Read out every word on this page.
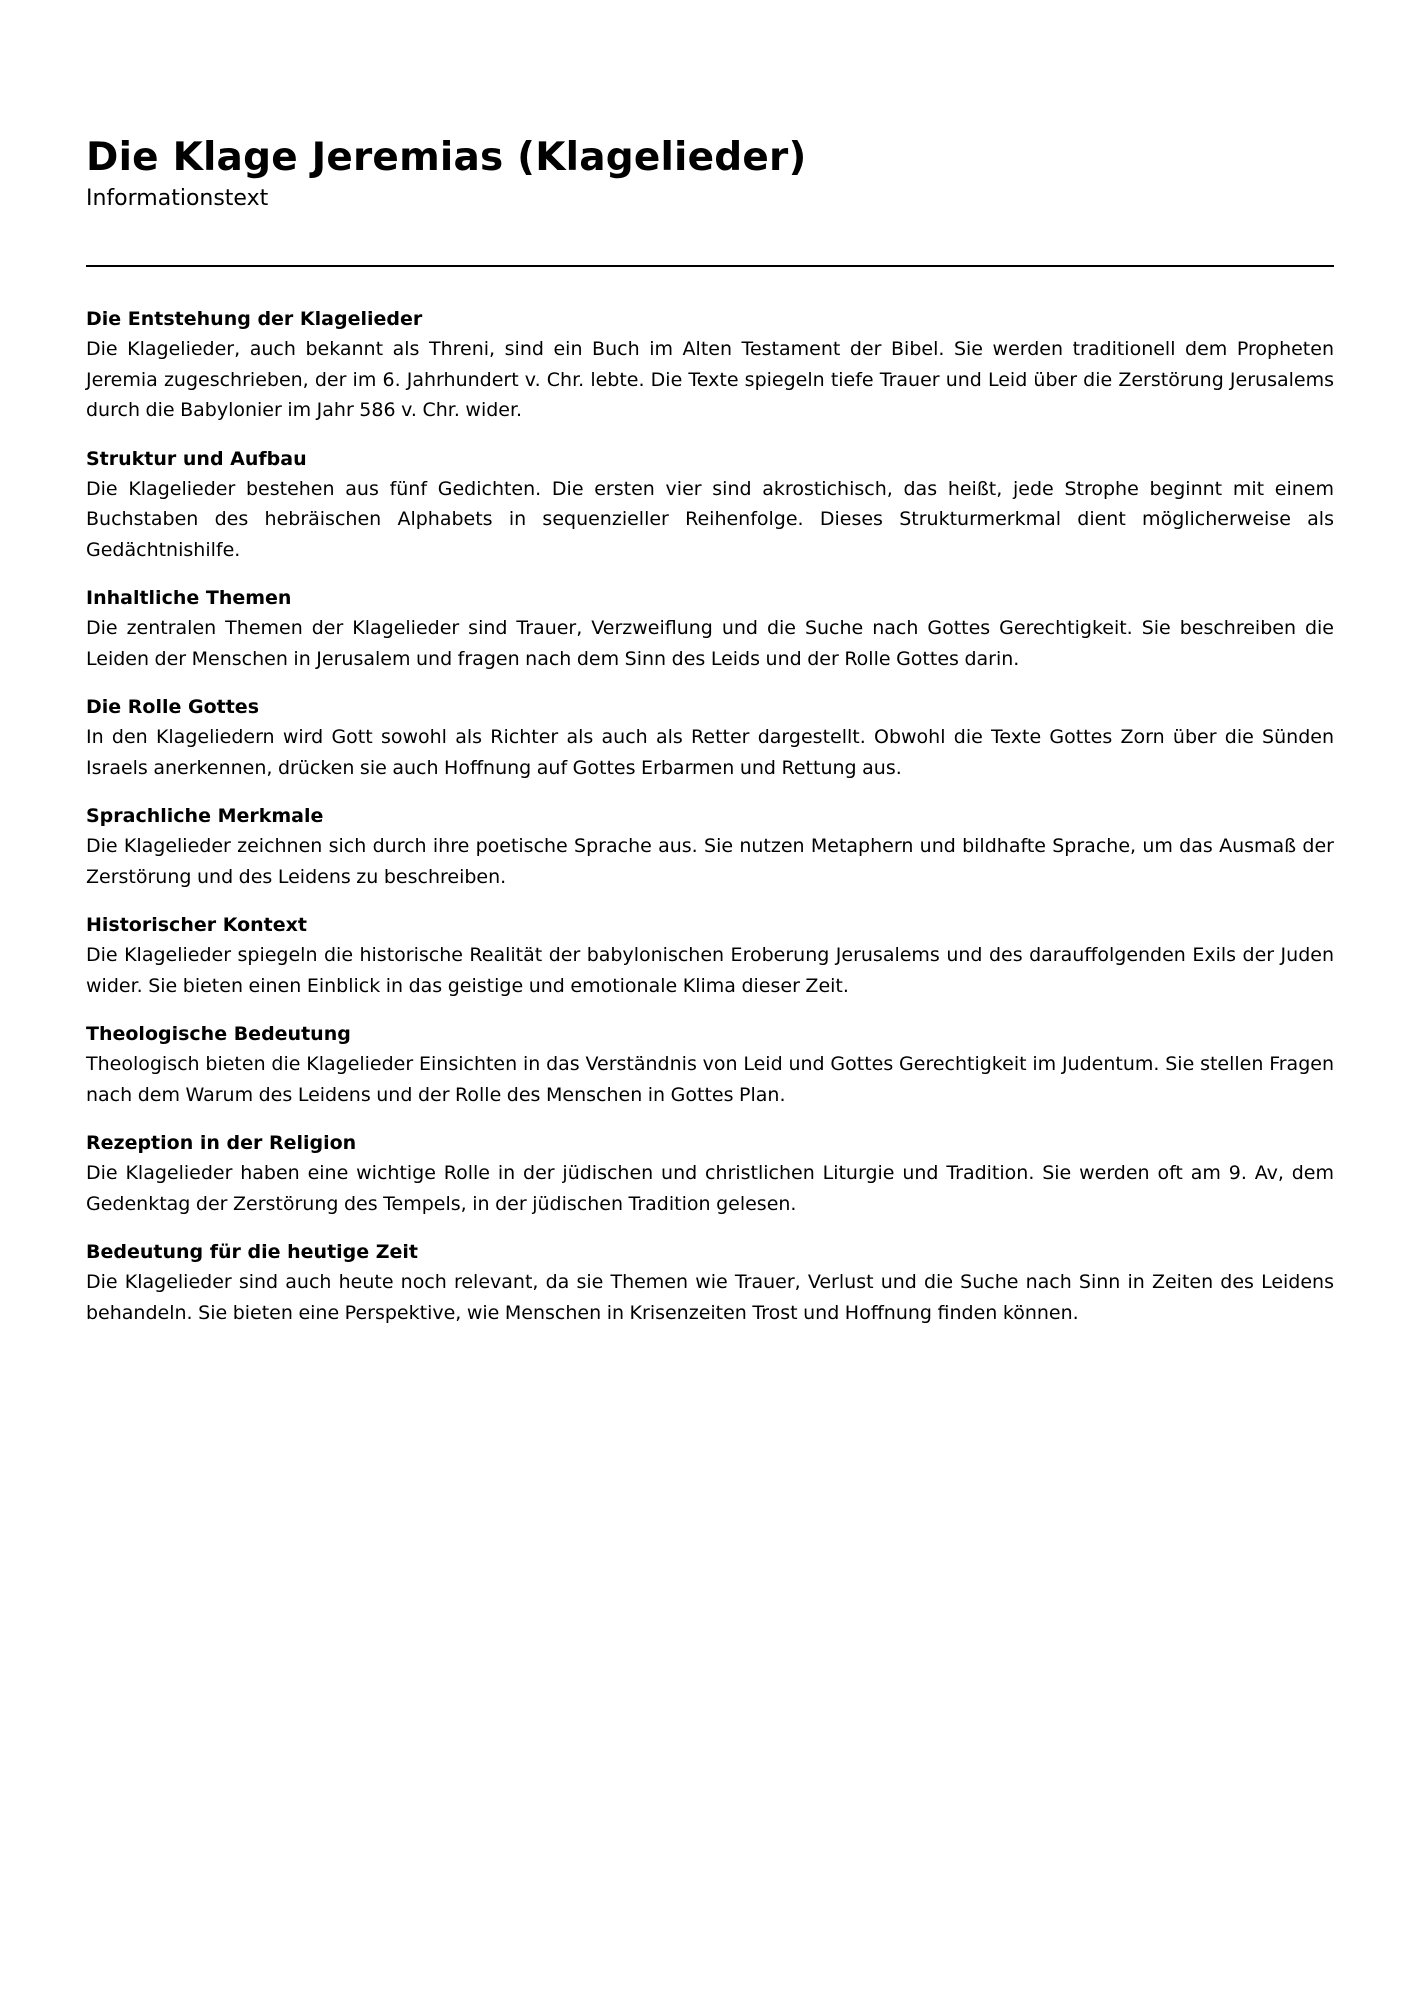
Die Klage Jeremias (Klagelieder)

Informationstext

Die Entstehung der Klagelieder

Die Klagelieder, auch bekannt als Threni, sind ein Buch im Alten Testament der Bibel. Sie werden traditionell dem Propheten Jeremia zugeschrieben, der im 6. Jahrhundert v. Chr. lebte. Die Texte spiegeln tiefe Trauer und Leid über die Zerstörung Jerusalems durch die Babylonier im Jahr 586 v. Chr. wider.

Struktur und Aufbau

Die Klagelieder bestehen aus fünf Gedichten. Die ersten vier sind akrostichisch, das heißt, jede Strophe beginnt mit einem Buchstaben des hebräischen Alphabets in sequenzieller Reihenfolge. Dieses Strukturmerkmal dient möglicherweise als Gedächtnishilfe.

Inhaltliche Themen

Die zentralen Themen der Klagelieder sind Trauer, Verzweiflung und die Suche nach Gottes Gerechtigkeit. Sie beschreiben die Leiden der Menschen in Jerusalem und fragen nach dem Sinn des Leids und der Rolle Gottes darin.

Die Rolle Gottes

In den Klageliedern wird Gott sowohl als Richter als auch als Retter dargestellt. Obwohl die Texte Gottes Zorn über die Sünden Israels anerkennen, drücken sie auch Hoffnung auf Gottes Erbarmen und Rettung aus.

Sprachliche Merkmale

Die Klagelieder zeichnen sich durch ihre poetische Sprache aus. Sie nutzen Metaphern und bildhafte Sprache, um das Ausmaß der Zerstörung und des Leidens zu beschreiben.

Historischer Kontext

Die Klagelieder spiegeln die historische Realität der babylonischen Eroberung Jerusalems und des darauffolgenden Exils der Juden wider. Sie bieten einen Einblick in das geistige und emotionale Klima dieser Zeit.

Theologische Bedeutung

Theologisch bieten die Klagelieder Einsichten in das Verständnis von Leid und Gottes Gerechtigkeit im Judentum. Sie stellen Fragen nach dem Warum des Leidens und der Rolle des Menschen in Gottes Plan.

Rezeption in der Religion

Die Klagelieder haben eine wichtige Rolle in der jüdischen und christlichen Liturgie und Tradition. Sie werden oft am 9. Av, dem Gedenktag der Zerstörung des Tempels, in der jüdischen Tradition gelesen.

Bedeutung für die heutige Zeit

Die Klagelieder sind auch heute noch relevant, da sie Themen wie Trauer, Verlust und die Suche nach Sinn in Zeiten des Leidens behandeln. Sie bieten eine Perspektive, wie Menschen in Krisenzeiten Trost und Hoffnung finden können.
